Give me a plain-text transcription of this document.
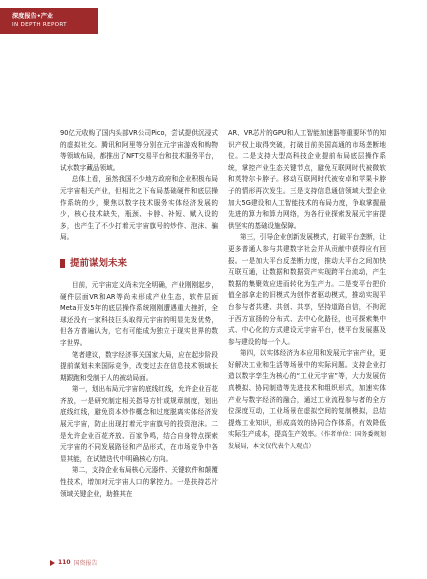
深度报告•产业
IN DEPTH REPORT

90亿元收购了国内头部VR公司Pico，尝试提供沉浸式的虚拟社交。腾讯和阿里等分别在元宇宙游戏和购物等领域布局，都推出了NFT交易平台和技术服务平台，试水数字藏品领域。

总体上看，虽然我国不少地方政府和企业积极布局元宇宙相关产业，但相比之下布局基础硬件和底层操作系统的少，聚焦以数字技术服务实体经济发展的少，核心技术缺失，瓶颈、卡脖、补短、赋入设的多，也产生了不少打着元宇宙旗号的炒作、泡沫、骗局。

提前谋划未来

目前，元宇宙定义尚未完全明确，产业刚刚起步，硬件层面VR和AR等尚未形成产业生态，软件层面Meta开发5年的底层操作系统刚刚遭遇重大挫折，全球还没有一家科技巨头取得元宇宙的明显先发优势，但各方普遍认为，它有可能成为独立于现实世界的数字世界。

笔者建议，数字经济事关国家大局，应在起步阶段提前谋划未来国际竞争，改变过去在信息技术领域长期跟跑和受制于人的被动局面。

第一，划出布局元宇宙的底线红线，允许企业百花齐放，一是研究制定相关指导方针或规章制度，划出底线红线，避免资本炒作概念和过度脱离实体经济发展元宇宙，防止出现打着元宇宙旗号的投资泡沫。二是允许企业百花齐放、百家争鸣，结合自身特点探索元宇宙的不同发展路径和产品形式，在市场竞争中各显其能，在试错迭代中明确核心方向。

第二，支持企业布局核心元器件、关键软件和颠覆性技术，增加对元宇宙人口的掌控力。一是扶持芯片领域关键企业，助推其在

AR、VR芯片的GPU和人工智能加速器等重要环节的知识产权上取得突破，打破目前美国高通的市场垄断地位。二是支持大型高科技企业提前布局底层操作系统，掌控产业生态关键节点，避免互联网时代被微软和英特尔卡脖子。移动互联网时代被安卓和苹果卡脖子的情形再次发生。三是支持信息通信领域大型企业加大5G建设和人工智能技术的布局力度，争取掌握最先进的算力和算力网络，为各行业探索发展元宇宙提供坚实的基础设施保障。

第三，引导企业创新发展模式，打破平台垄断，让更多普通人参与共建数字社会并从贡献中获得应有回报。一是加大平台反垄断力度，推动大平台之间加快互联互通，让数据和数据资产实现跨平台流动，产生数据的集聚效应进而转化为生产力。二是变平台把价值全部拿走的旧模式为创作者驱动模式，推动实现平台参与者共建、共创、共享，坚持道路自信，不拘泥于西方宣扬的分布式、去中心化路径，也可探索集中式、中心化的方式建设元宇宙平台，使平台发展惠及参与建设的每一个人。

第四，以实体经济为本应用和发展元宇宙产业，更好解决工业和生活等场景中的实际问题。支持企业打造以数字孪生为核心的“工业元宇宙”等，大力发展仿真模拟、协同制造等先进技术和组织形式，加速实体产业与数字经济的融合，通过工业流程参与者的全方位深度互动，工业场景在虚拟空间的复制模拟，总结提炼工业知识，形成高效的协同合作体系，有效降低实际生产成本，提高生产效率。（作者单位：国务委规划发展局，本文仅代表个人观点）

110 国资报告
